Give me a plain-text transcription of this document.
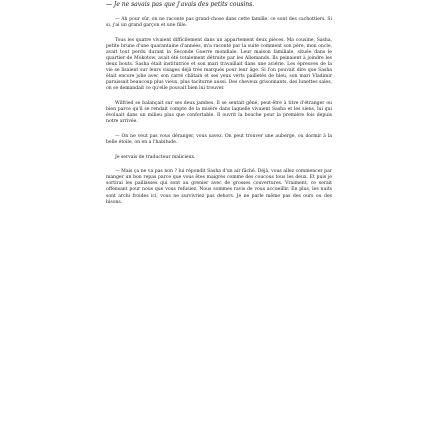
— Je ne savais pas que j'avais des petits cousins.

— Ah pour sûr, on ne raconte pas grand-chose dans cette famille, ce sont des cachottiers. Si si, j'ai un grand garçon et une fille.

Tous les quatre vivaient difficilement dans un appartement deux pièces. Ma cousine, Sasha, petite brune d'une quarantaine d'années, m'a raconté par la suite comment son père, mon oncle, avait tout perdu durant la Seconde Guerre mondiale. Leur maison familiale, située dans le quartier de Mokotow, avait été totalement détruite par les Allemands. Ils peinaient à joindre les deux bouts. Sasha était institutrice et son mari travaillait dans une aciérie. Les épreuves de la vie se lisaient sur leurs visages déjà très marqués pour leur âge. Si l'on pouvait dire que Sasha était encore jolie avec son carré châtain et ses yeux verts pailletés de bleu, son mari Vladimir paraissait beaucoup plus vieux, plus taciturne aussi. Des cheveux grisonnants, des lunettes sales, on se demandait ce qu'elle pouvait bien lui trouver.

Wilfried se balançait sur ses deux jambes. Il se sentait gêné, peut-être à titre d'étranger ou bien parce qu'il se rendait compte de la misère dans laquelle vivaient Sasha et les siens, lui qui évoluait dans un milieu plus que confortable. Il ouvrit la bouche pour la première fois depuis notre arrivée.

— On ne veut pas vous déranger, vous savez. On peut trouver une auberge, ou dormir à la belle étoile, on en a l'habitude.

Je servais de traducteur malicieux.

— Mais ça ne va pas non ? lui répondit Sasha d'un air fâché. Déjà, vous allez commencer par manger un bon repas parce que vous êtes maigres comme des coucous tous les deux. Et puis je sortirai les paillasses qui sont au grenier avec de grosses couvertures. Vraiment, ce serait offensant pour nous que vous refusiez. Nous sommes ravis de vous accueillir. En plus, les nuits sont archi froides ici, vous ne survivriez pas dehors. Je ne parle même pas des ours ou des bisons.
